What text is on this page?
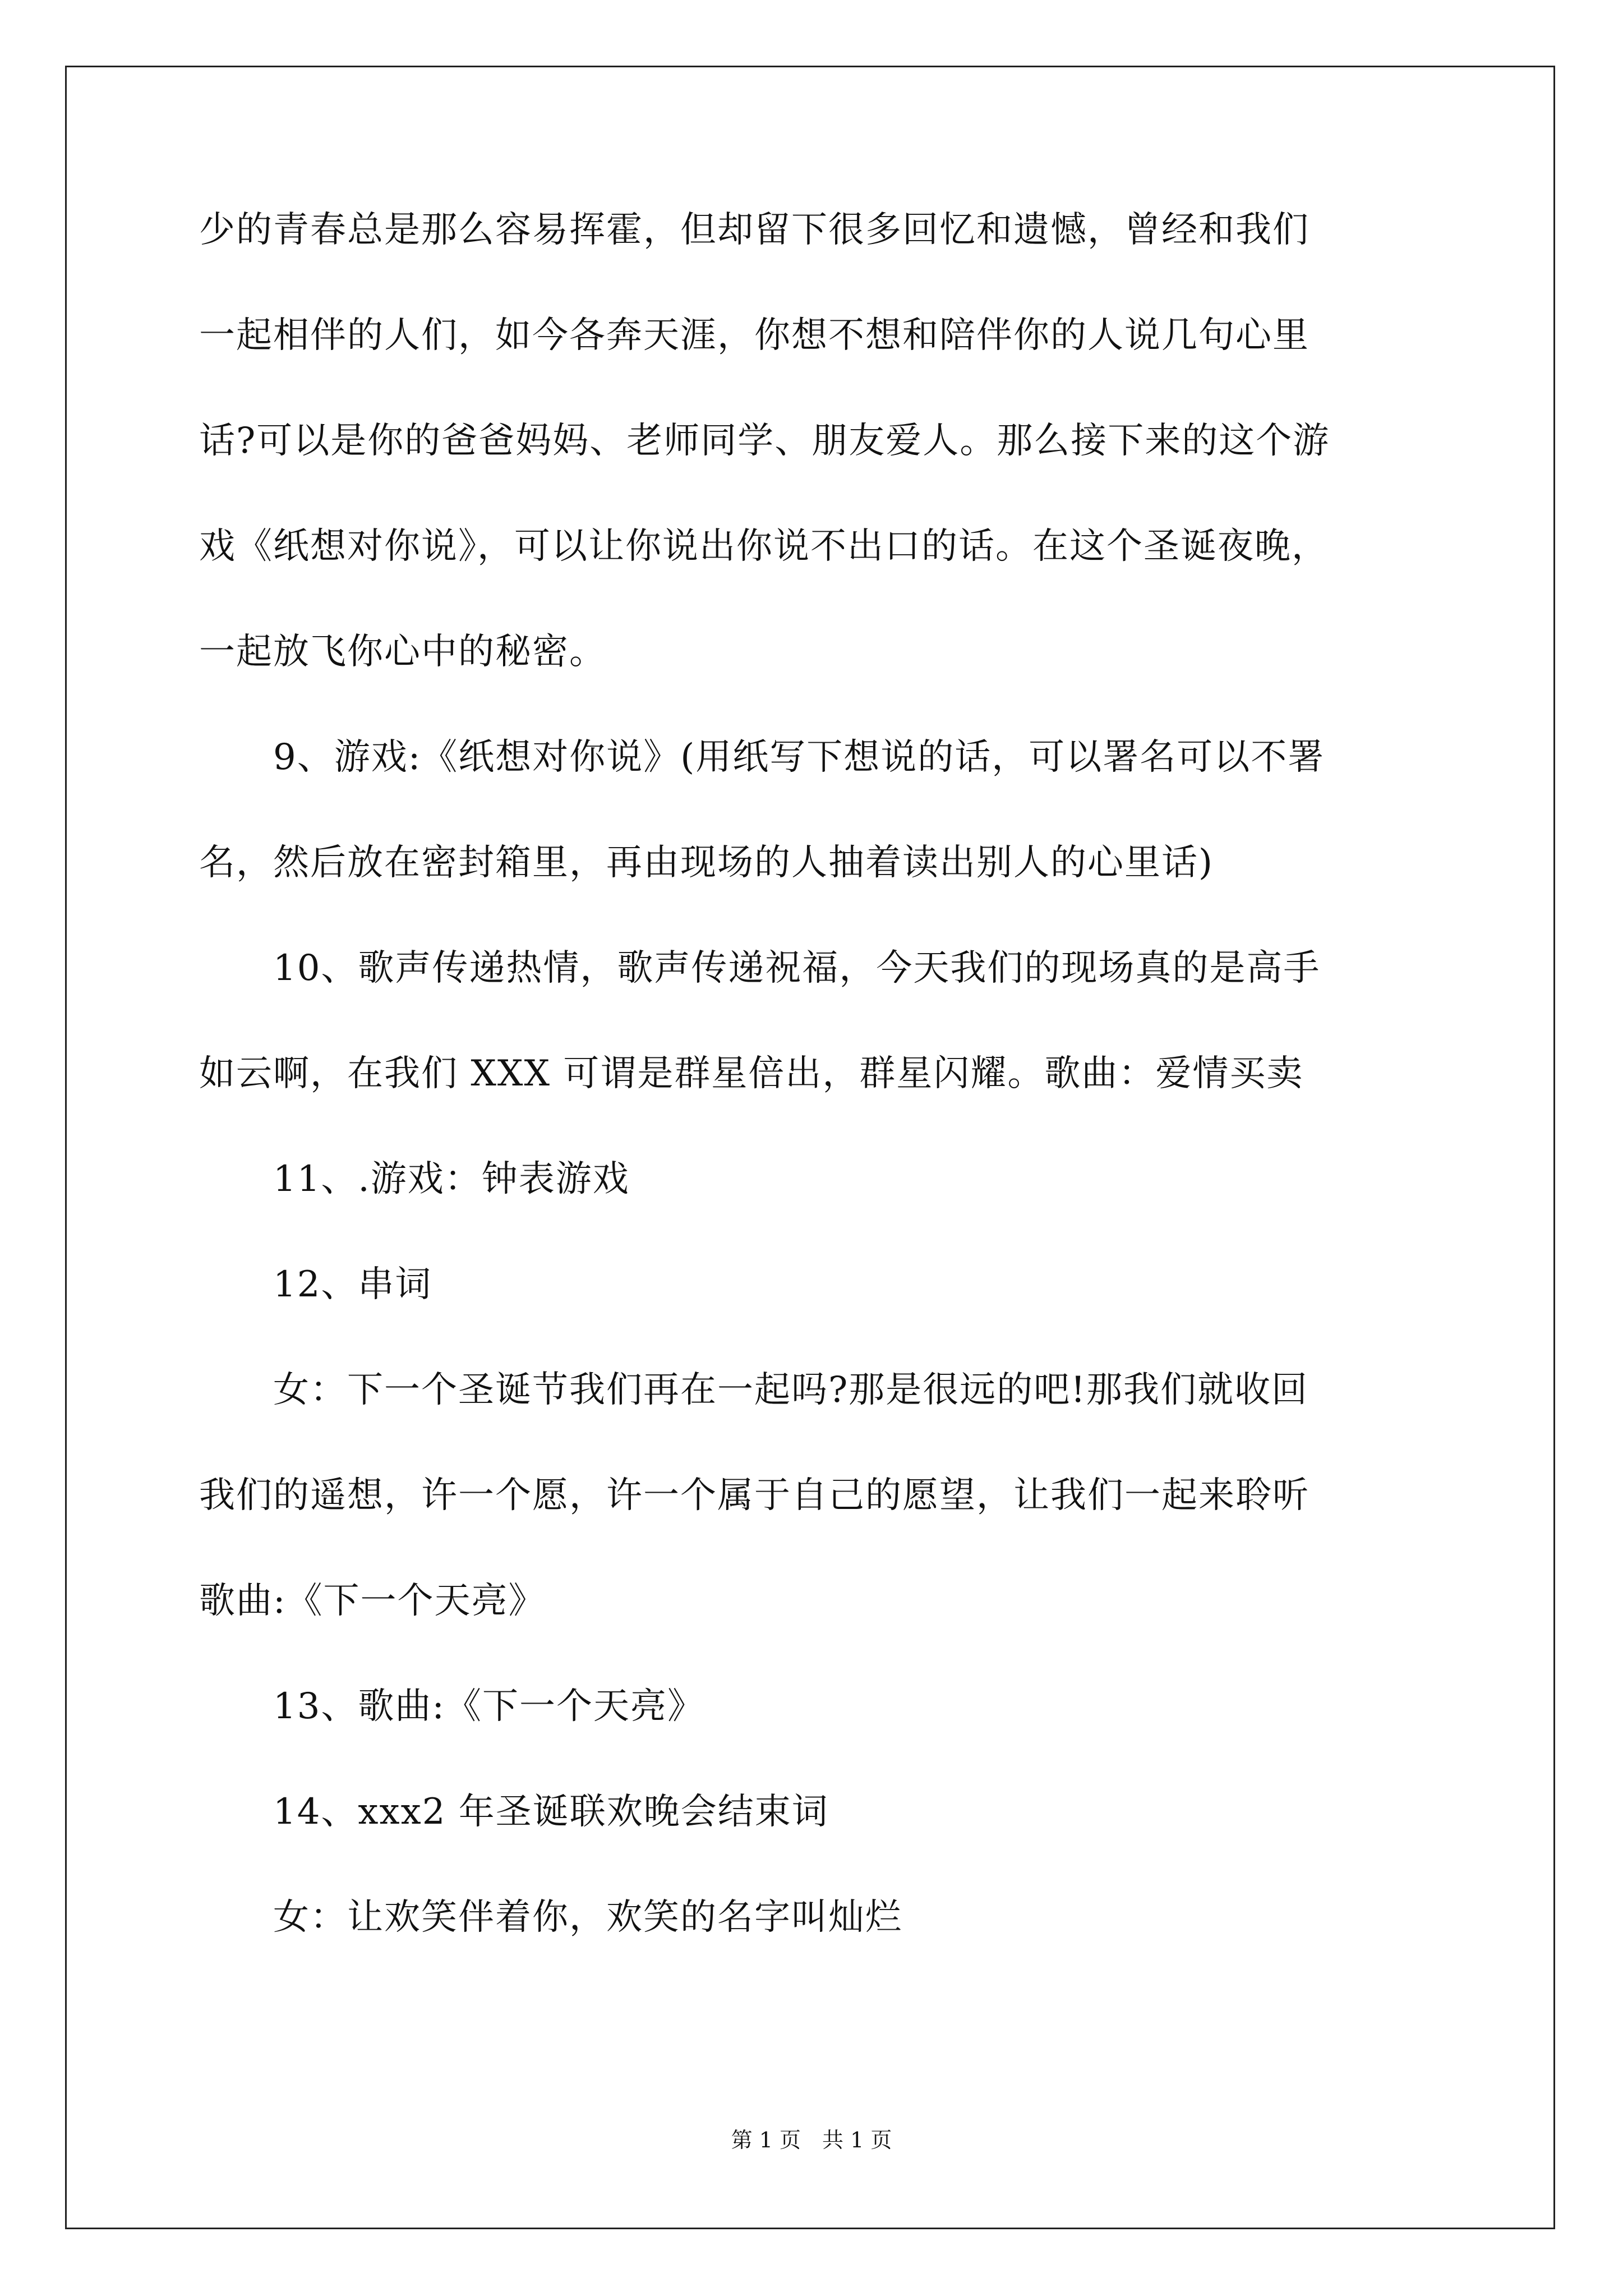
少的青春总是那么容易挥霍，但却留下很多回忆和遗憾，曾经和我们
一起相伴的人们，如今各奔天涯，你想不想和陪伴你的人说几句心里
话?可以是你的爸爸妈妈、老师同学、朋友爱人。那么接下来的这个游
戏《纸想对你说》，可以让你说出你说不出口的话。在这个圣诞夜晚，
一起放飞你心中的秘密。
　　9、游戏:《纸想对你说》(用纸写下想说的话，可以署名可以不署
名，然后放在密封箱里，再由现场的人抽着读出别人的心里话)
　　10、歌声传递热情，歌声传递祝福，今天我们的现场真的是高手
如云啊，在我们 XXX 可谓是群星倍出，群星闪耀。歌曲：爱情买卖
　　11、.游戏：钟表游戏
　　12、串词
　　女：下一个圣诞节我们再在一起吗?那是很远的吧!那我们就收回
我们的遥想，许一个愿，许一个属于自己的愿望，让我们一起来聆听
歌曲:《下一个天亮》
　　13、歌曲:《下一个天亮》
　　14、xxx2 年圣诞联欢晚会结束词
　　女：让欢笑伴着你，欢笑的名字叫灿烂
第 1 页　共 1 页
